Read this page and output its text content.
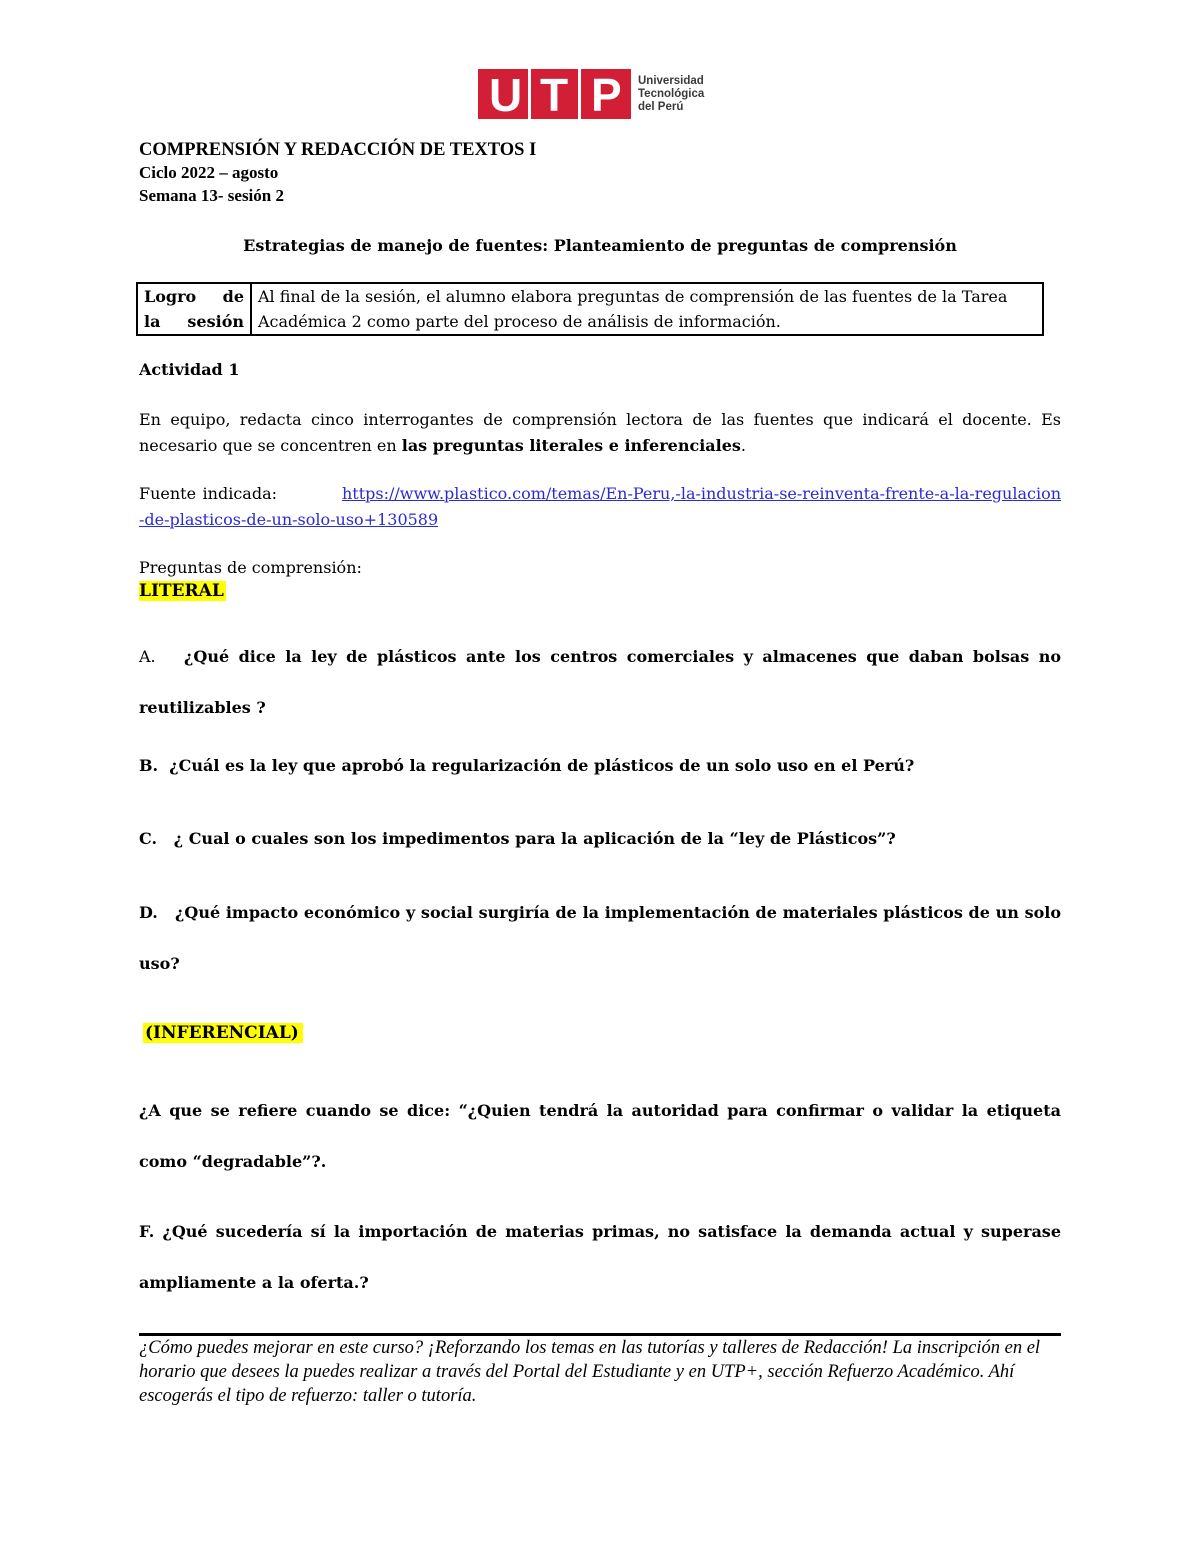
U T P Universidad
Tecnológica
del Perú
COMPRENSIÓN Y REDACCIÓN DE TEXTOS I
Ciclo 2022 – agosto
Semana 13- sesión 2
Estrategias de manejo de fuentes: Planteamiento de preguntas de comprensión
Logro de la sesión	Al final de la sesión, el alumno elabora preguntas de comprensión de las fuentes de la Tarea Académica 2 como parte del proceso de análisis de información.
Actividad 1
En equipo, redacta cinco interrogantes de comprensión lectora de las fuentes que indicará el docente. Es necesario que se concentren en las preguntas literales e inferenciales.
Fuente indicada:	https://www.plastico.com/temas/En-Peru,-la-industria-se-reinventa-frente-a-la-regulacion-de-plasticos-de-un-solo-uso+130589
Preguntas de comprensión:
LITERAL
A. ¿Qué dice la ley de plásticos ante los centros comerciales y almacenes que daban bolsas no reutilizables ?
B. ¿Cuál es la ley que aprobó la regularización de plásticos de un solo uso en el Perú?
C. ¿ Cual o cuales son los impedimentos para la aplicación de la “ley de Plásticos”?
D. ¿Qué impacto económico y social surgiría de la implementación de materiales plásticos de un solo uso?
(INFERENCIAL)
¿A que se refiere cuando se dice: “¿Quien tendrá la autoridad para confirmar o validar la etiqueta como “degradable”?.
F. ¿Qué sucedería sí la importación de materias primas, no satisface la demanda actual y superase ampliamente a la oferta.?
¿Cómo puedes mejorar en este curso? ¡Reforzando los temas en las tutorías y talleres de Redacción! La inscripción en el horario que desees la puedes realizar a través del Portal del Estudiante y en UTP+, sección Refuerzo Académico. Ahí escogerás el tipo de refuerzo: taller o tutoría.
